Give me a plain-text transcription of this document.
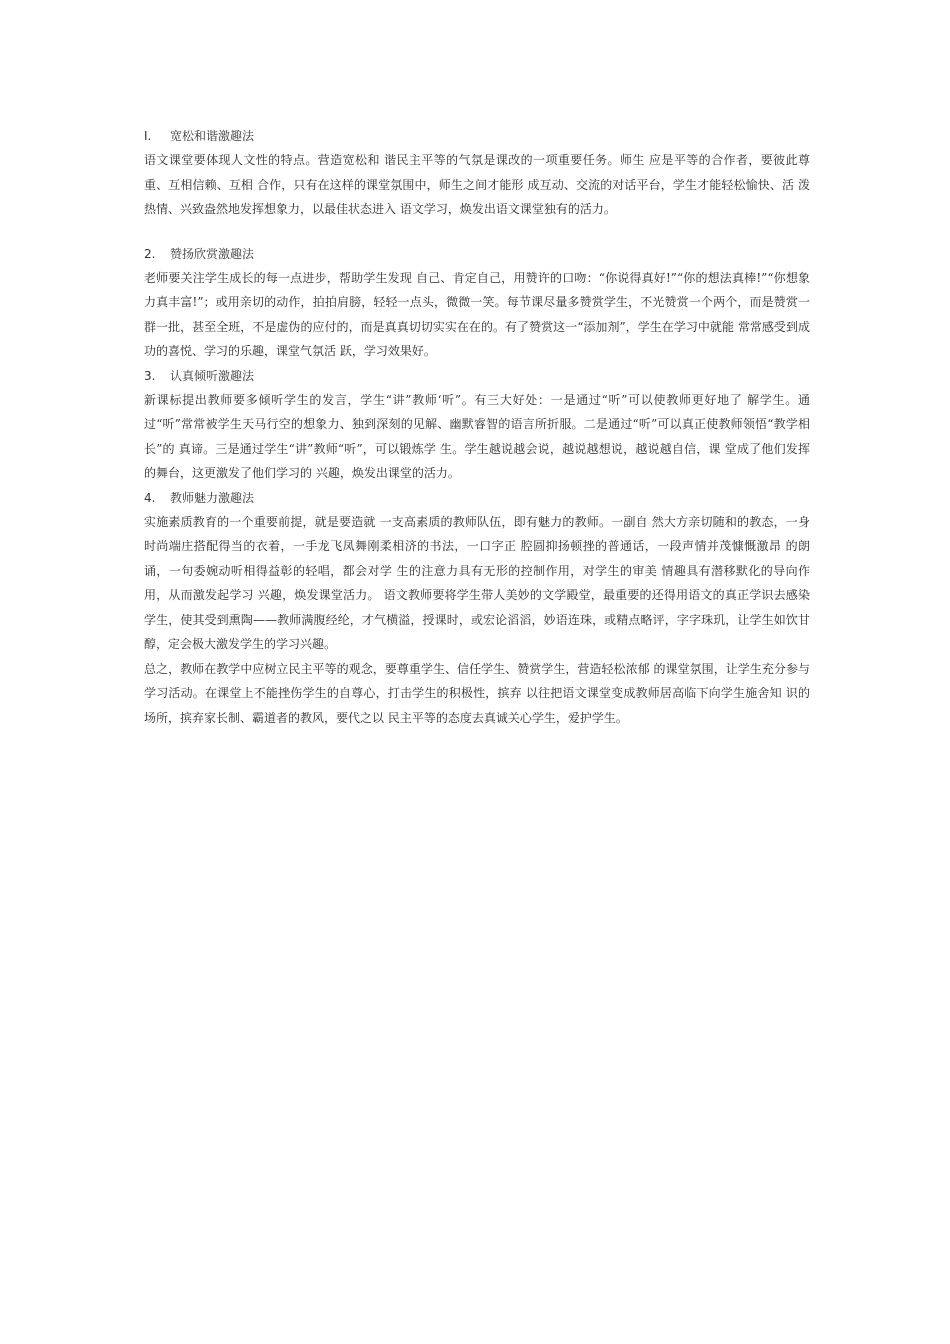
I. 宽松和谐激趣法

语文课堂要体现人文性的特点。营造宽松和 谐民主平等的气氛是课改的一项重要任务。师生 应是平等的合作者，要彼此尊重、互相信赖、互相 合作，只有在这样的课堂氛围中，师生之间才能形 成互动、交流的对话平台，学生才能轻松愉快、活 泼热情、兴致盎然地发挥想象力，以最佳状态进入 语文学习，焕发出语文课堂独有的活力。

2. 赞扬欣赏激趣法

老师要关注学生成长的每一点进步，帮助学生发现 自己、肯定自己，用赞许的口吻：“你说得真好!”“你的想法真棒!”“你想象力真丰富!”；或用亲切的动作，拍拍肩膀，轻轻一点头，微微一笑。每节课尽量多赞赏学生，不光赞赏一个两个，而是赞赏一群一批，甚至全班，不是虚伪的应付的，而是真真切切实实在在的。有了赞赏这一“添加剂”，学生在学习中就能 常常感受到成功的喜悦、学习的乐趣，课堂气氛活 跃，学习效果好。

3. 认真倾听激趣法

新课标提出教师要多倾听学生的发言，学生“讲”教师‘听”。有三大好处：一是通过“听”可以使教师更好地了 解学生。通过“听”常常被学生天马行空的想象力、独到深刻的见解、幽默睿智的语言所折服。二是通过“听”可以真正使教师领悟“教学相长”的 真谛。三是通过学生“讲”教师“听”，可以锻炼学 生。学生越说越会说，越说越想说，越说越自信，课 堂成了他们发挥的舞台，这更激发了他们学习的 兴趣，焕发出课堂的活力。

4. 教师魅力激趣法

实施素质教育的一个重要前提，就是要造就 一支高素质的教师队伍，即有魅力的教师。一副自 然大方亲切随和的教态，一身时尚端庄搭配得当的衣着，一手龙飞凤舞刚柔相济的书法，一口字正 腔圆抑扬顿挫的普通话，一段声情并茂慷慨激昂 的朗诵，一句委婉动听相得益彰的轻唱，都会对学 生的注意力具有无形的控制作用，对学生的审美 情趣具有潜移默化的导向作用，从而激发起学习 兴趣，焕发课堂活力。 语文教师要将学生带人美妙的文学殿堂，最重要的还得用语文的真正学识去感染学生，使其受到熏陶——教师满腹经纶，才气横溢，授课时，或宏论滔滔，妙语连珠，或精点略评，字字珠玑，让学生如饮甘醇，定会极大激发学生的学习兴趣。

总之，教师在教学中应树立民主平等的观念，要尊重学生、信任学生、赞赏学生，营造轻松浓郁 的课堂氛围，让学生充分参与学习活动。在课堂上不能挫伤学生的自尊心，打击学生的积极性，摈弃 以往把语文课堂变成教师居高临下向学生施舍知 识的场所，摈弃家长制、霸道者的教风，要代之以 民主平等的态度去真诚关心学生，爱护学生。
